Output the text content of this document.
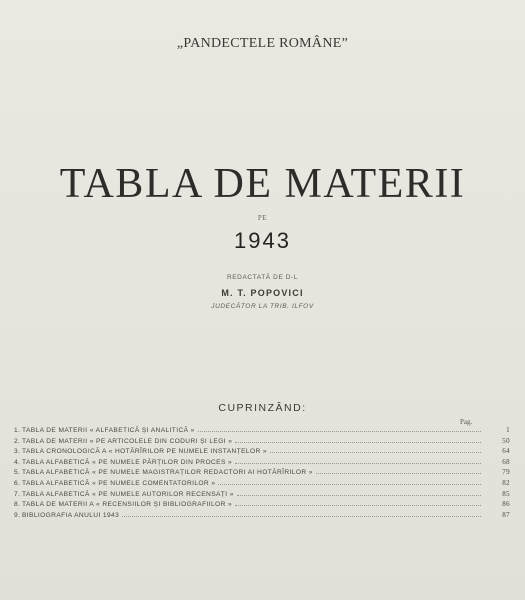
„PANDECTELE ROMÂNE”
TABLA DE MATERII
PE
1943
REDACTATĂ DE D-L
M. T. POPOVICI
JUDECĂTOR LA TRIB. ILFOV
CUPRINZÂND:
Pag.
1. TABLA DE MATERII « ALFABETICĂ ȘI ANALITICĂ »	1
2. TABLA DE MATERII « PE ARTICOLELE DIN CODURI ȘI LEGI »	50
3. TABLA CRONOLOGICĂ A « HOTĂRÎRILOR PE NUMELE INSTANȚELOR »	64
4. TABLA ALFABETICĂ « PE NUMELE PĂRȚILOR DIN PROCES »	68
5. TABLA ALFABETICĂ « PE NUMELE MAGISTRAȚILOR REDACTORI AI HOTĂRÎRILOR »	79
6. TABLA ALFABETICĂ « PE NUMELE COMENTATORILOR »	82
7. TABLA ALFABETICĂ « PE NUMELE AUTORILOR RECENSAȚI »	85
8. TABLA DE MATERII A « RECENSIILOR ȘI BIBLIOGRAFIILOR »	86
9. BIBLIOGRAFIA ANULUI 1943	87
